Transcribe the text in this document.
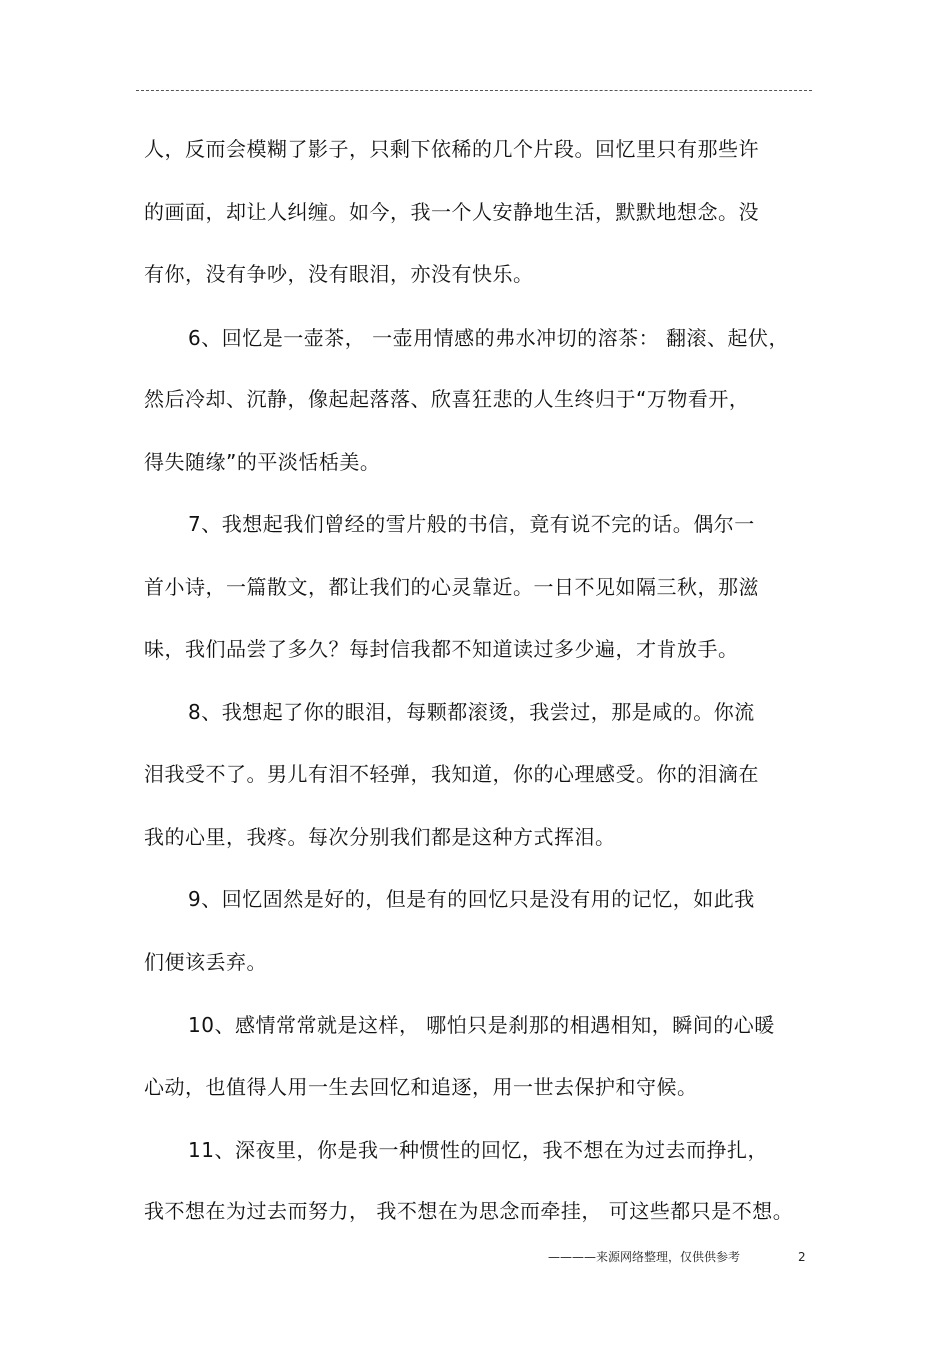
人，反而会模糊了影子，只剩下依稀的几个片段。回忆里只有那些许
的画面，却让人纠缠。如今，我一个人安静地生活，默默地想念。没
有你，没有争吵，没有眼泪，亦没有快乐。
6、回忆是一壶茶， 一壶用情感的弗水冲切的溶茶： 翻滚、起伏，
然后冷却、沉静，像起起落落、欣喜狂悲的人生终归于“万物看开，
得失随缘”的平淡恬栝美。
7、我想起我们曾经的雪片般的书信，竟有说不完的话。偶尔一
首小诗，一篇散文，都让我们的心灵靠近。一日不见如隔三秋，那滋
味，我们品尝了多久？每封信我都不知道读过多少遍，才肯放手。
8、我想起了你的眼泪，每颗都滚烫，我尝过，那是咸的。你流
泪我受不了。男儿有泪不轻弹，我知道，你的心理感受。你的泪滴在
我的心里，我疼。每次分别我们都是这种方式挥泪。
9、回忆固然是好的，但是有的回忆只是没有用的记忆，如此我
们便该丢弃。
10、感情常常就是这样， 哪怕只是刹那的相遇相知，瞬间的心暖
心动，也值得人用一生去回忆和追逐，用一世去保护和守候。
11、深夜里，你是我一种惯性的回忆，我不想在为过去而挣扎，
我不想在为过去而努力， 我不想在为思念而牵挂， 可这些都只是不想。
————来源网络整理，仅供供参考	2
